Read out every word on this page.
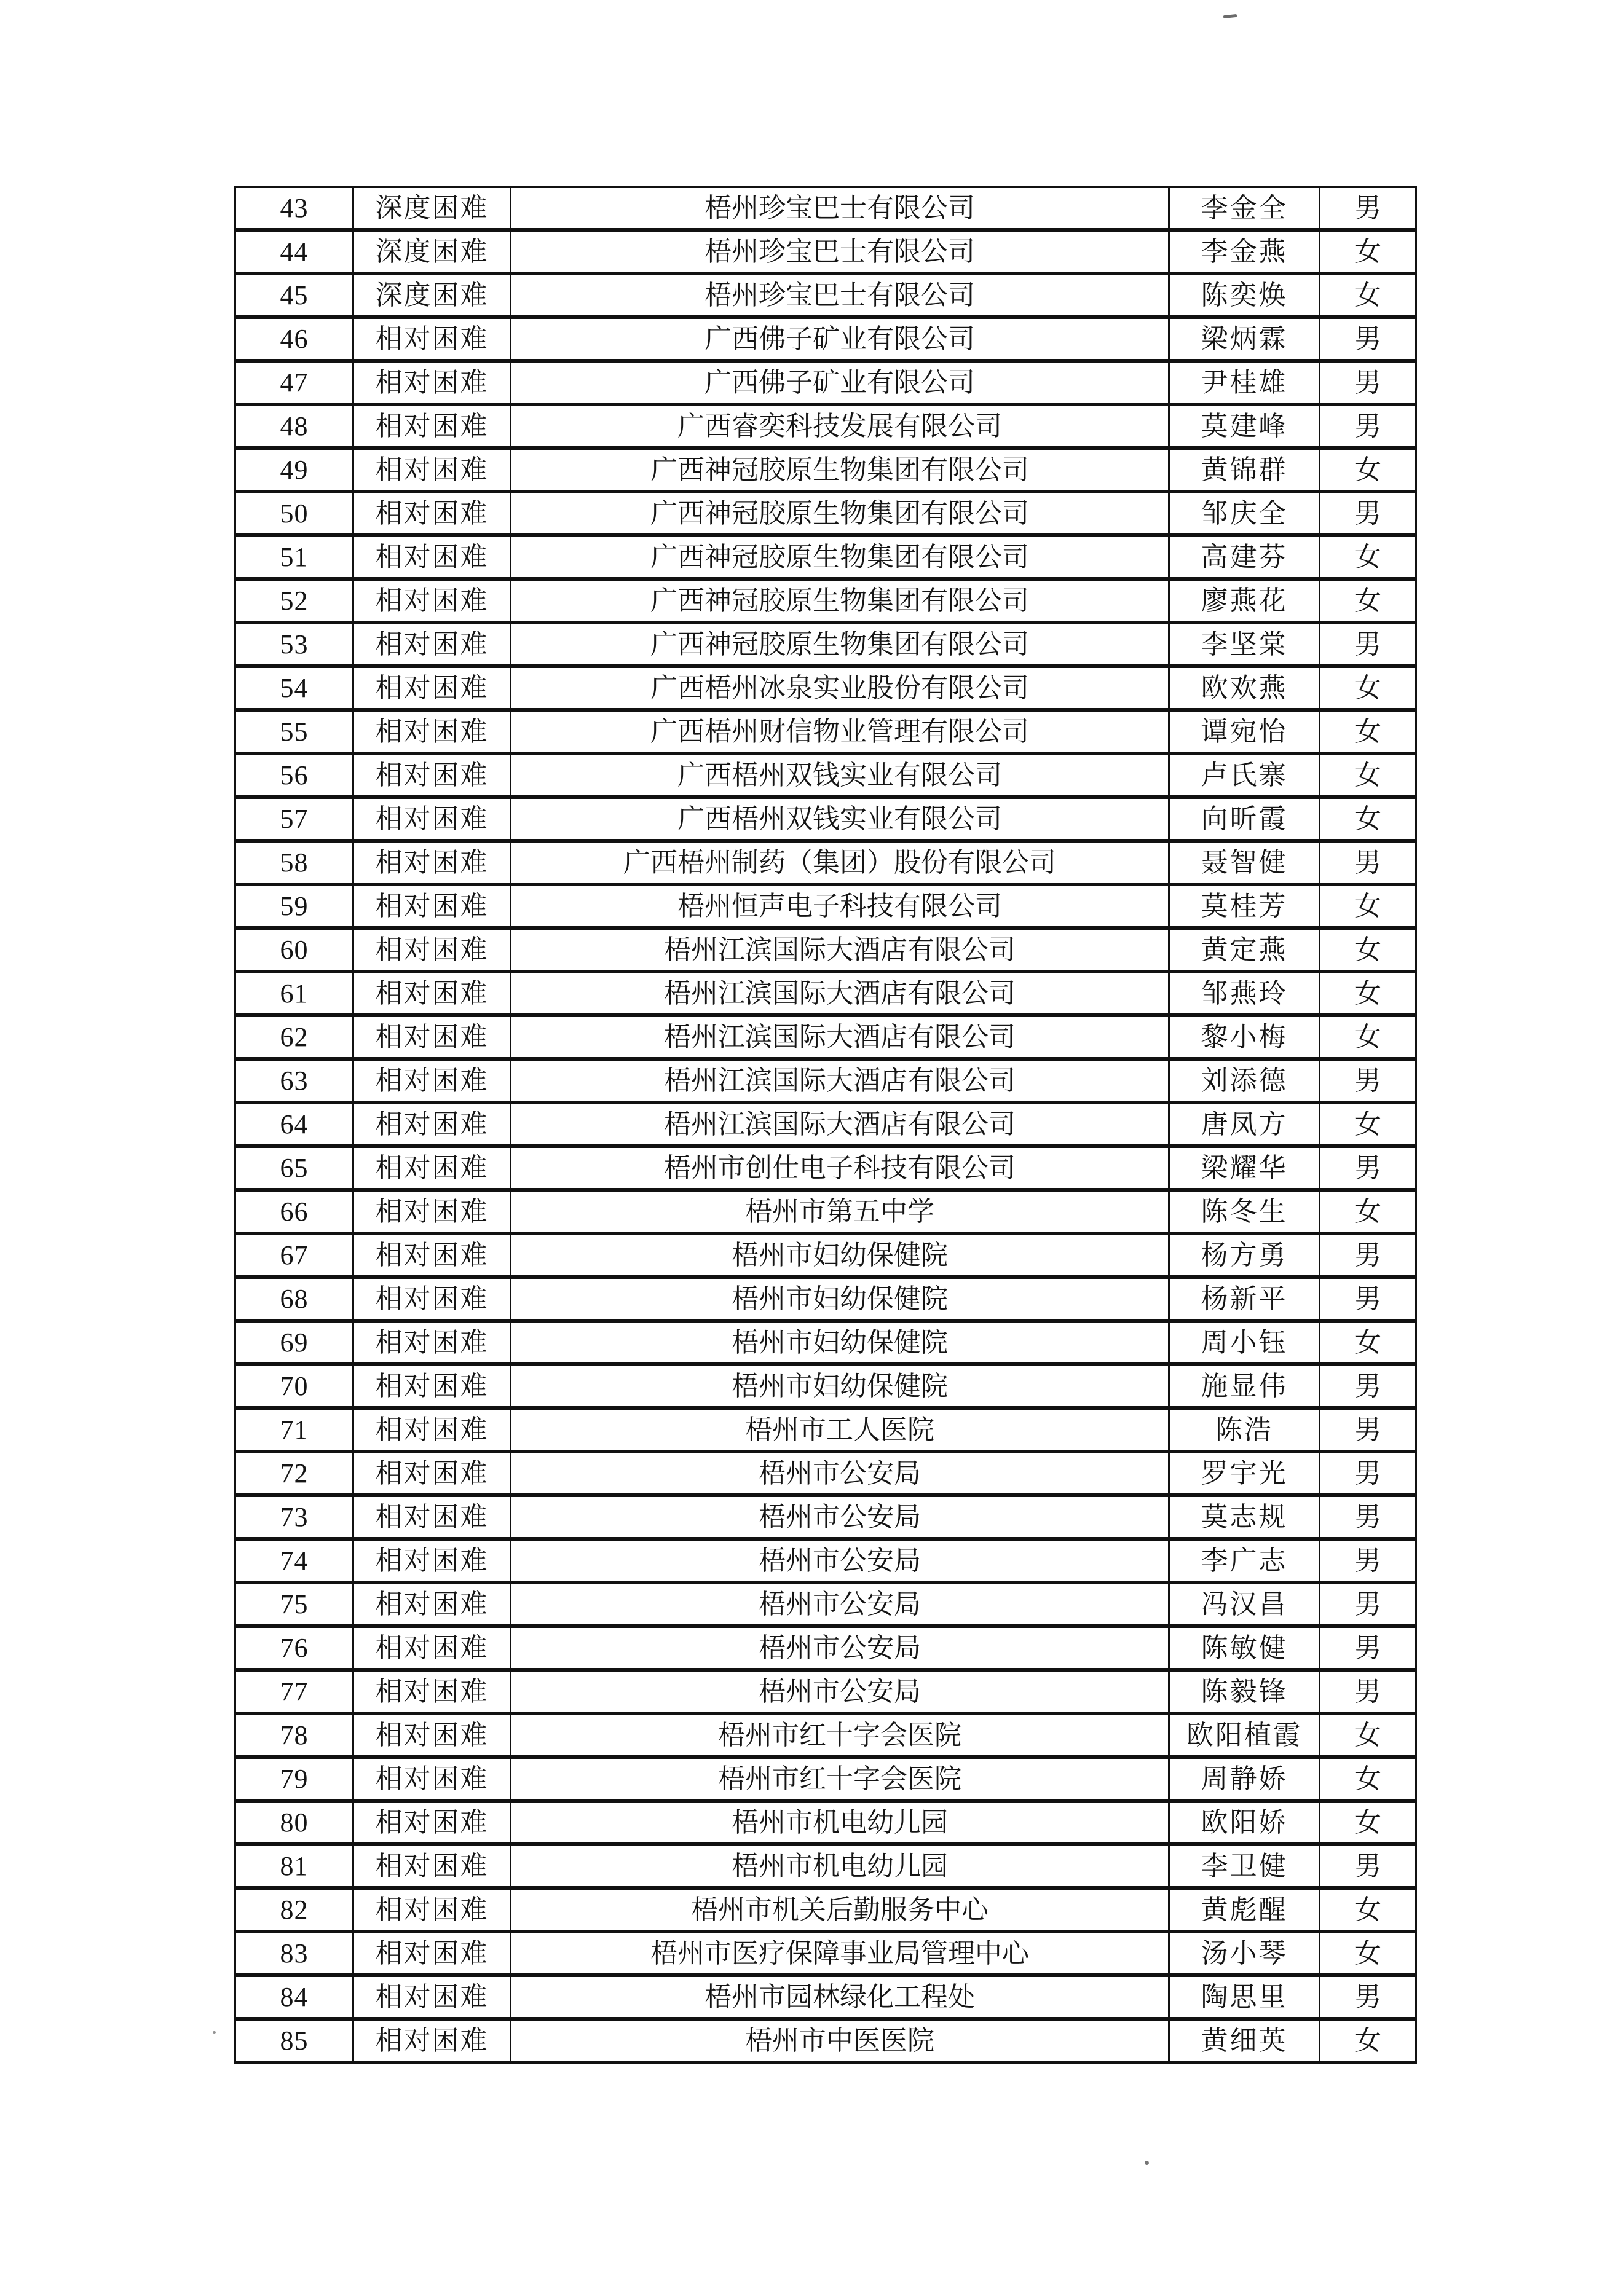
43	深度困难	梧州珍宝巴士有限公司	李金全	男
44	深度困难	梧州珍宝巴士有限公司	李金燕	女
45	深度困难	梧州珍宝巴士有限公司	陈奕焕	女
46	相对困难	广西佛子矿业有限公司	梁炳霖	男
47	相对困难	广西佛子矿业有限公司	尹桂雄	男
48	相对困难	广西睿奕科技发展有限公司	莫建峰	男
49	相对困难	广西神冠胶原生物集团有限公司	黄锦群	女
50	相对困难	广西神冠胶原生物集团有限公司	邹庆全	男
51	相对困难	广西神冠胶原生物集团有限公司	高建芬	女
52	相对困难	广西神冠胶原生物集团有限公司	廖燕花	女
53	相对困难	广西神冠胶原生物集团有限公司	李坚棠	男
54	相对困难	广西梧州冰泉实业股份有限公司	欧欢燕	女
55	相对困难	广西梧州财信物业管理有限公司	谭宛怡	女
56	相对困难	广西梧州双钱实业有限公司	卢氏寨	女
57	相对困难	广西梧州双钱实业有限公司	向昕霞	女
58	相对困难	广西梧州制药（集团）股份有限公司	聂智健	男
59	相对困难	梧州恒声电子科技有限公司	莫桂芳	女
60	相对困难	梧州江滨国际大酒店有限公司	黄定燕	女
61	相对困难	梧州江滨国际大酒店有限公司	邹燕玲	女
62	相对困难	梧州江滨国际大酒店有限公司	黎小梅	女
63	相对困难	梧州江滨国际大酒店有限公司	刘添德	男
64	相对困难	梧州江滨国际大酒店有限公司	唐凤方	女
65	相对困难	梧州市创仕电子科技有限公司	梁耀华	男
66	相对困难	梧州市第五中学	陈冬生	女
67	相对困难	梧州市妇幼保健院	杨方勇	男
68	相对困难	梧州市妇幼保健院	杨新平	男
69	相对困难	梧州市妇幼保健院	周小钰	女
70	相对困难	梧州市妇幼保健院	施显伟	男
71	相对困难	梧州市工人医院	陈浩	男
72	相对困难	梧州市公安局	罗宇光	男
73	相对困难	梧州市公安局	莫志规	男
74	相对困难	梧州市公安局	李广志	男
75	相对困难	梧州市公安局	冯汉昌	男
76	相对困难	梧州市公安局	陈敏健	男
77	相对困难	梧州市公安局	陈毅锋	男
78	相对困难	梧州市红十字会医院	欧阳植霞	女
79	相对困难	梧州市红十字会医院	周静娇	女
80	相对困难	梧州市机电幼儿园	欧阳娇	女
81	相对困难	梧州市机电幼儿园	李卫健	男
82	相对困难	梧州市机关后勤服务中心	黄彪醒	女
83	相对困难	梧州市医疗保障事业局管理中心	汤小琴	女
84	相对困难	梧州市园林绿化工程处	陶思里	男
85	相对困难	梧州市中医医院	黄细英	女
